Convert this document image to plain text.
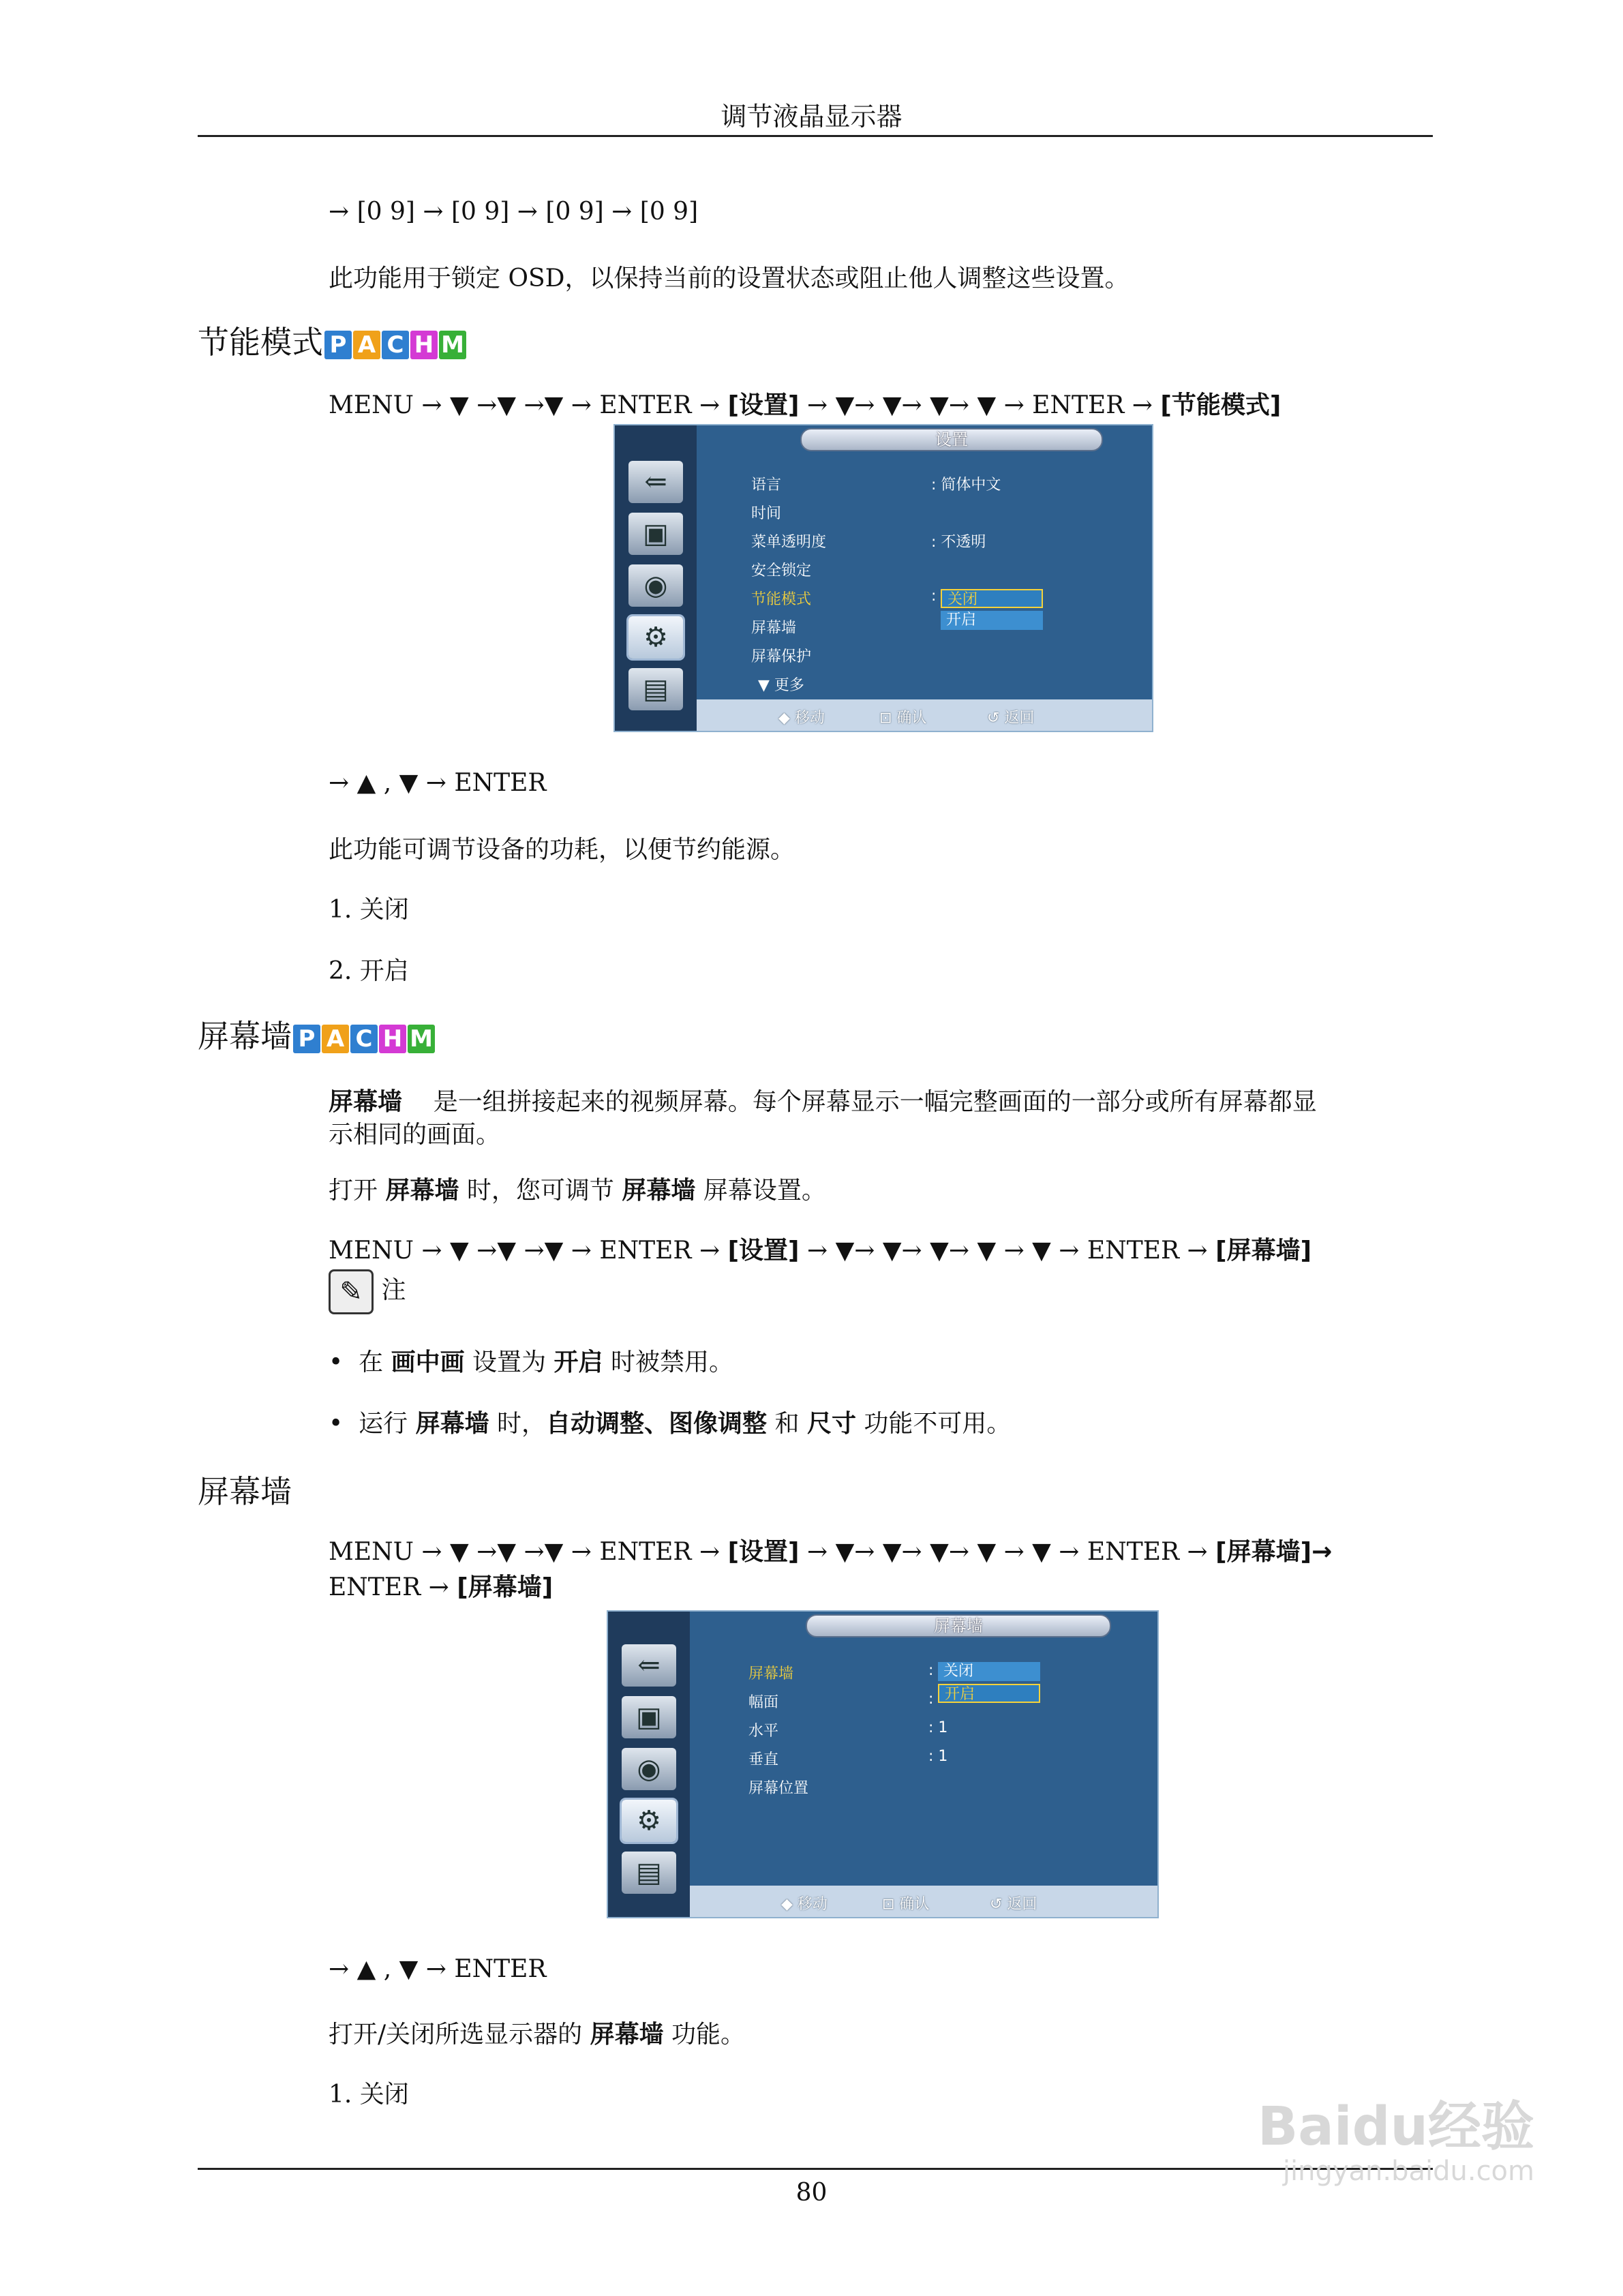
调节液晶显示器
→ [0 9] → [0 9] → [0 9] → [0 9]
此功能用于锁定 OSD，以保持当前的设置状态或阻止他人调整这些设置。
节能模式 P A C H M
MENU → ▼ →▼ →▼ → ENTER → [设置] → ▼→ ▼→ ▼→ ▼ → ENTER → [节能模式]
⇐
▣
◉
⚙
▤
设置
语言
时间
菜单透明度
安全锁定
节能模式
屏幕墙
屏幕保护
▼ 更多
: 简体中文
: 不透明
: 关闭
开启
◆ 移动	⊡ 确认	↺ 返回
→ ▲ , ▼ → ENTER
此功能可调节设备的功耗，以便节约能源。
1. 关闭
2. 开启
屏幕墙 P A C H M
屏幕墙 是一组拼接起来的视频屏幕。每个屏幕显示一幅完整画面的一部分或所有屏幕都显
示相同的画面。
打开 屏幕墙 时，您可调节 屏幕墙 屏幕设置。
MENU → ▼ →▼ →▼ → ENTER → [设置] → ▼→ ▼→ ▼→ ▼ → ▼ → ENTER → [屏幕墙]
✎ 注
• 在 画中画 设置为 开启 时被禁用。
• 运行 屏幕墙 时，自动调整、图像调整 和 尺寸 功能不可用。
屏幕墙
MENU → ▼ →▼ →▼ → ENTER → [设置] → ▼→ ▼→ ▼→ ▼ → ▼ → ENTER → [屏幕墙]→
ENTER → [屏幕墙]
⇐
▣
◉
⚙
▤
屏幕墙
屏幕墙
幅面
水平
垂直
屏幕位置
:
:
: 1
: 1
关闭
开启
◆ 移动	⊡ 确认	↺ 返回
→ ▲ , ▼ → ENTER
打开/关闭所选显示器的 屏幕墙 功能。
1. 关闭
80
Baidu经验
jingyan.baidu.com
